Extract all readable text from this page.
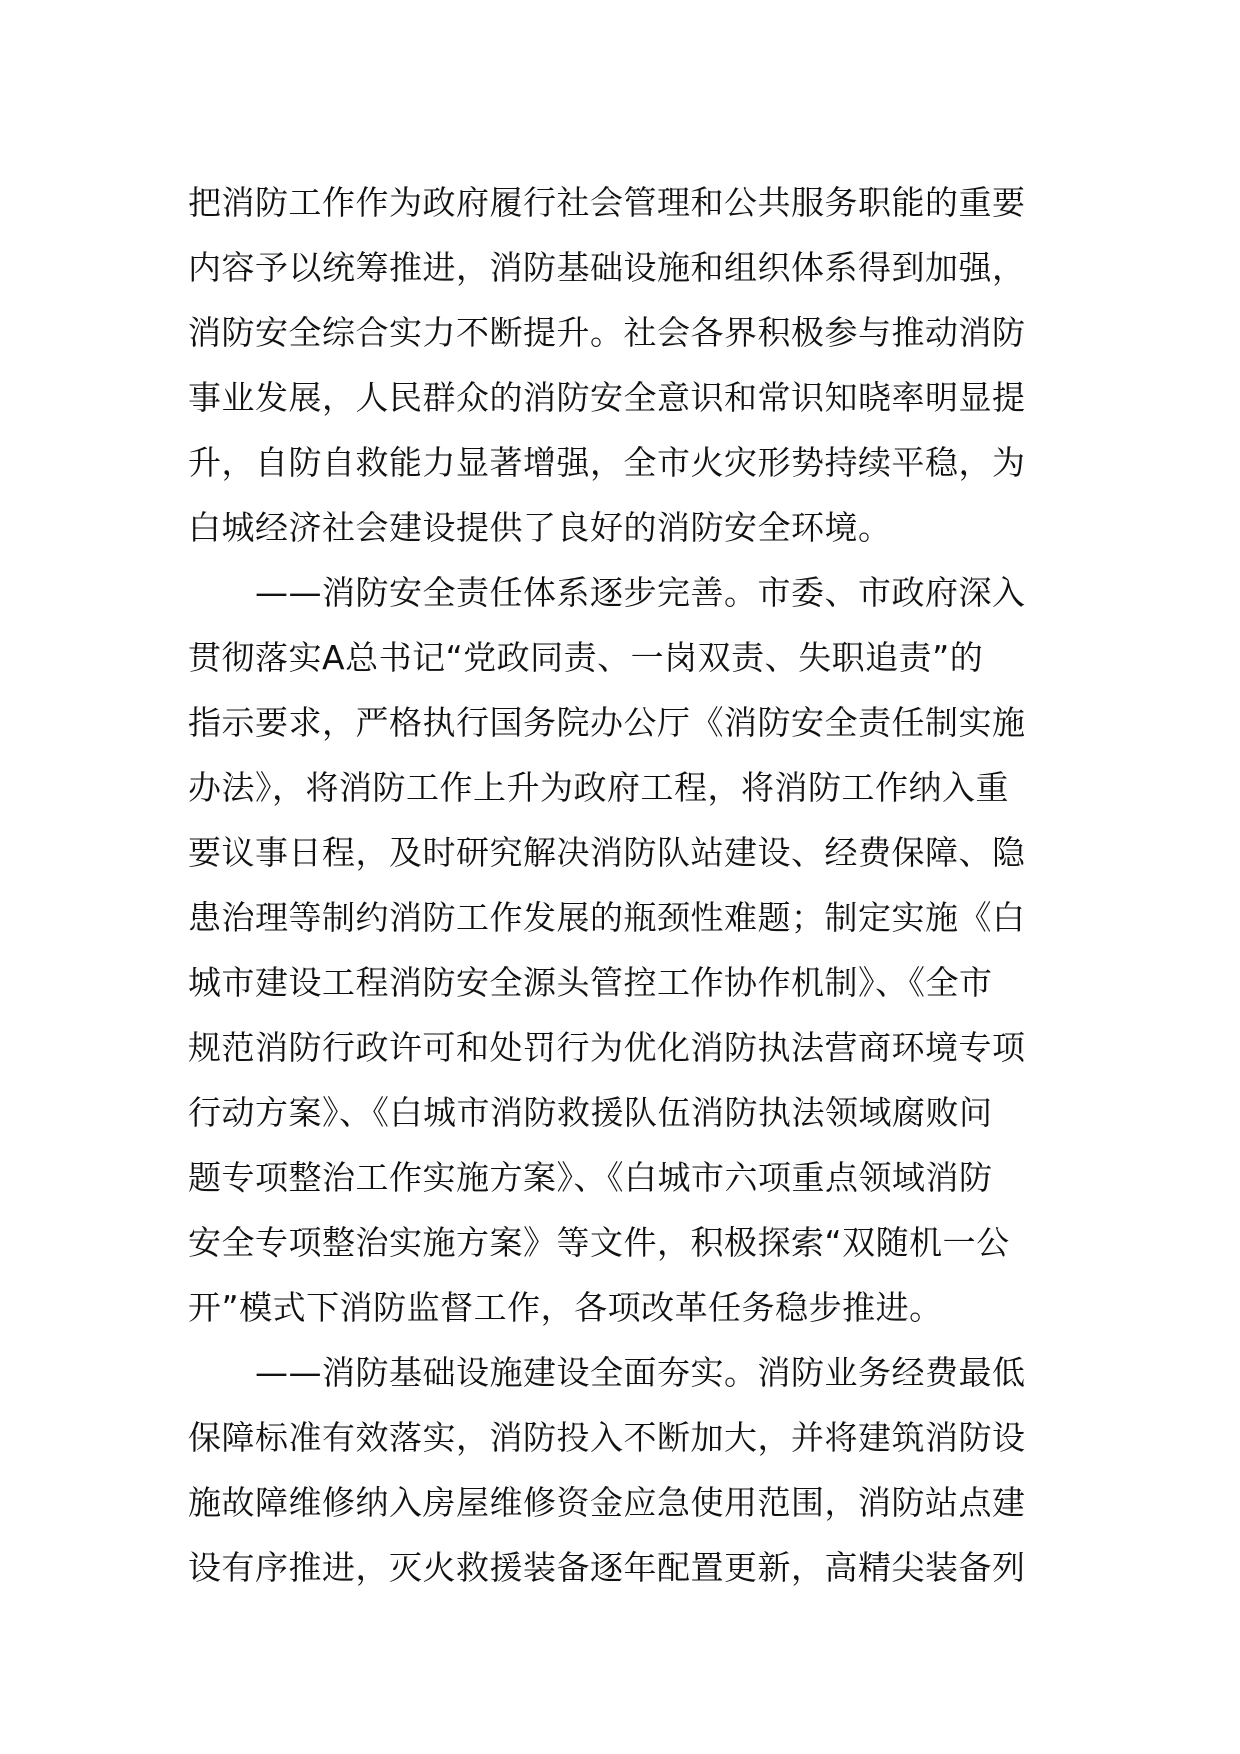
把消防工作作为政府履行社会管理和公共服务职能的重要
内容予以统筹推进，消防基础设施和组织体系得到加强，
消防安全综合实力不断提升。社会各界积极参与推动消防
事业发展，人民群众的消防安全意识和常识知晓率明显提
升，自防自救能力显著增强，全市火灾形势持续平稳，为
白城经济社会建设提供了良好的消防安全环境。
　　——消防安全责任体系逐步完善。市委、市政府深入
贯彻落实A总书记“党政同责、一岗双责、失职追责”的
指示要求，严格执行国务院办公厅《消防安全责任制实施
办法》，将消防工作上升为政府工程，将消防工作纳入重
要议事日程，及时研究解决消防队站建设、经费保障、隐
患治理等制约消防工作发展的瓶颈性难题；制定实施《白
城市建设工程消防安全源头管控工作协作机制》、《全市
规范消防行政许可和处罚行为优化消防执法营商环境专项
行动方案》、《白城市消防救援队伍消防执法领域腐败问
题专项整治工作实施方案》、《白城市六项重点领域消防
安全专项整治实施方案》等文件，积极探索“双随机一公
开”模式下消防监督工作，各项改革任务稳步推进。
　　——消防基础设施建设全面夯实。消防业务经费最低
保障标准有效落实，消防投入不断加大，并将建筑消防设
施故障维修纳入房屋维修资金应急使用范围，消防站点建
设有序推进，灭火救援装备逐年配置更新，高精尖装备列
